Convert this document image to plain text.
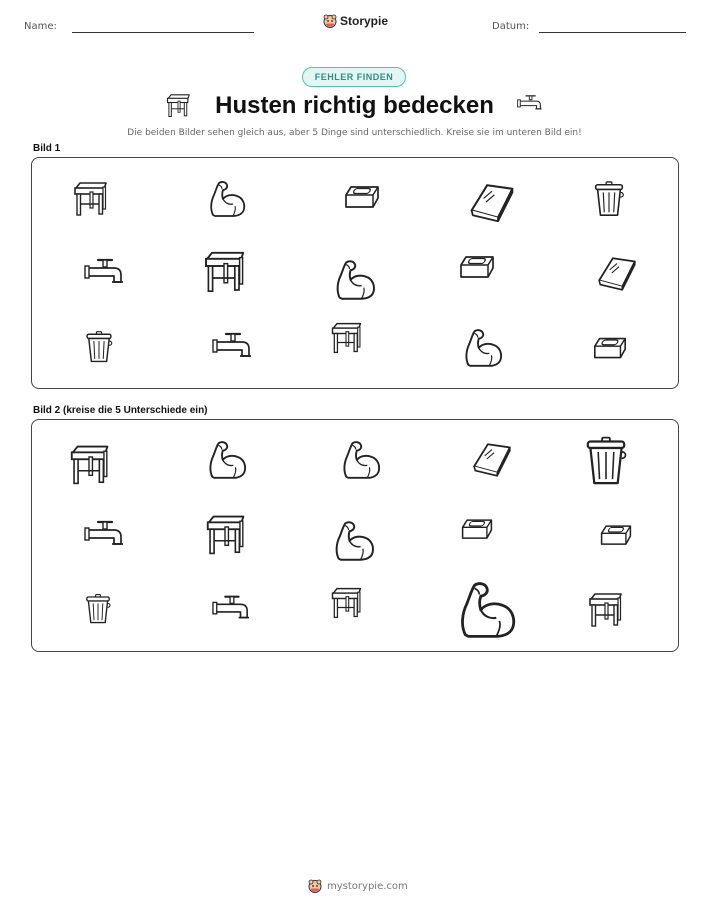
Name:	Storypie	Datum:
FEHLER FINDEN
Husten richtig bedecken
Die beiden Bilder sehen gleich aus, aber 5 Dinge sind unterschiedlich. Kreise sie im unteren Bild ein!
Bild 1
Bild 2 (kreise die 5 Unterschiede ein)
mystorypie.com
